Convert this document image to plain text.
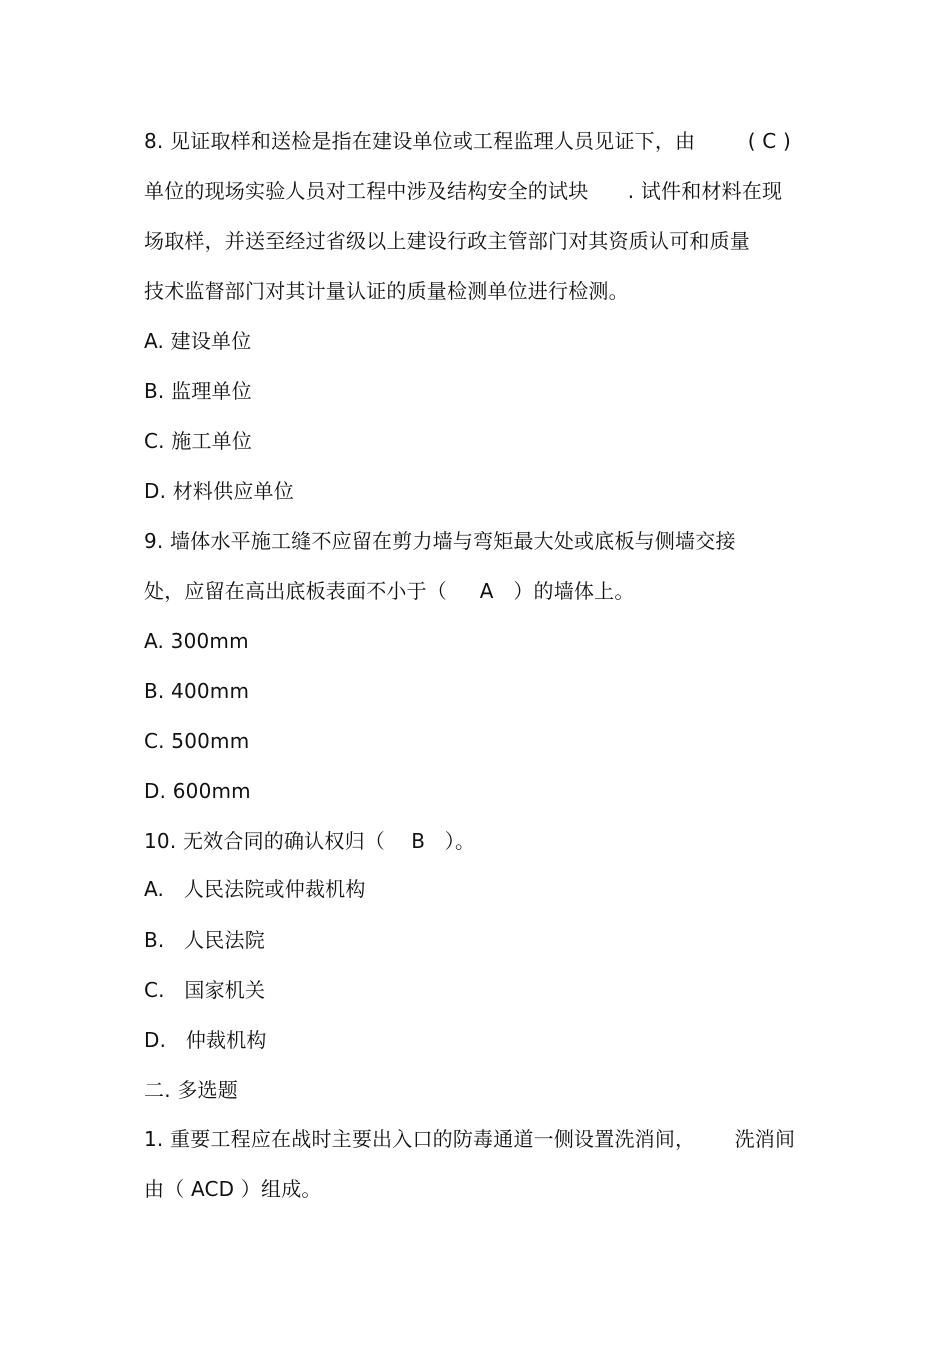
8. 见证取样和送检是指在建设单位或工程监理人员见证下，由        ( C )
单位的现场实验人员对工程中涉及结构安全的试块      . 试件和材料在现
场取样，并送至经过省级以上建设行政主管部门对其资质认可和质量
技术监督部门对其计量认证的质量检测单位进行检测。
A. 建设单位
B. 监理单位
C. 施工单位
D. 材料供应单位
9. 墙体水平施工缝不应留在剪力墙与弯矩最大处或底板与侧墙交接
处，应留在高出底板表面不小于（     A   ）的墙体上。
A. 300mm
B. 400mm
C. 500mm
D. 600mm
10. 无效合同的确认权归（    B   ）。
A.   人民法院或仲裁机构
B.   人民法院
C.   国家机关
D.   仲裁机构
二. 多选题
1. 重要工程应在战时主要出入口的防毒通道一侧设置洗消间，      洗消间
由（ ACD ）组成。
